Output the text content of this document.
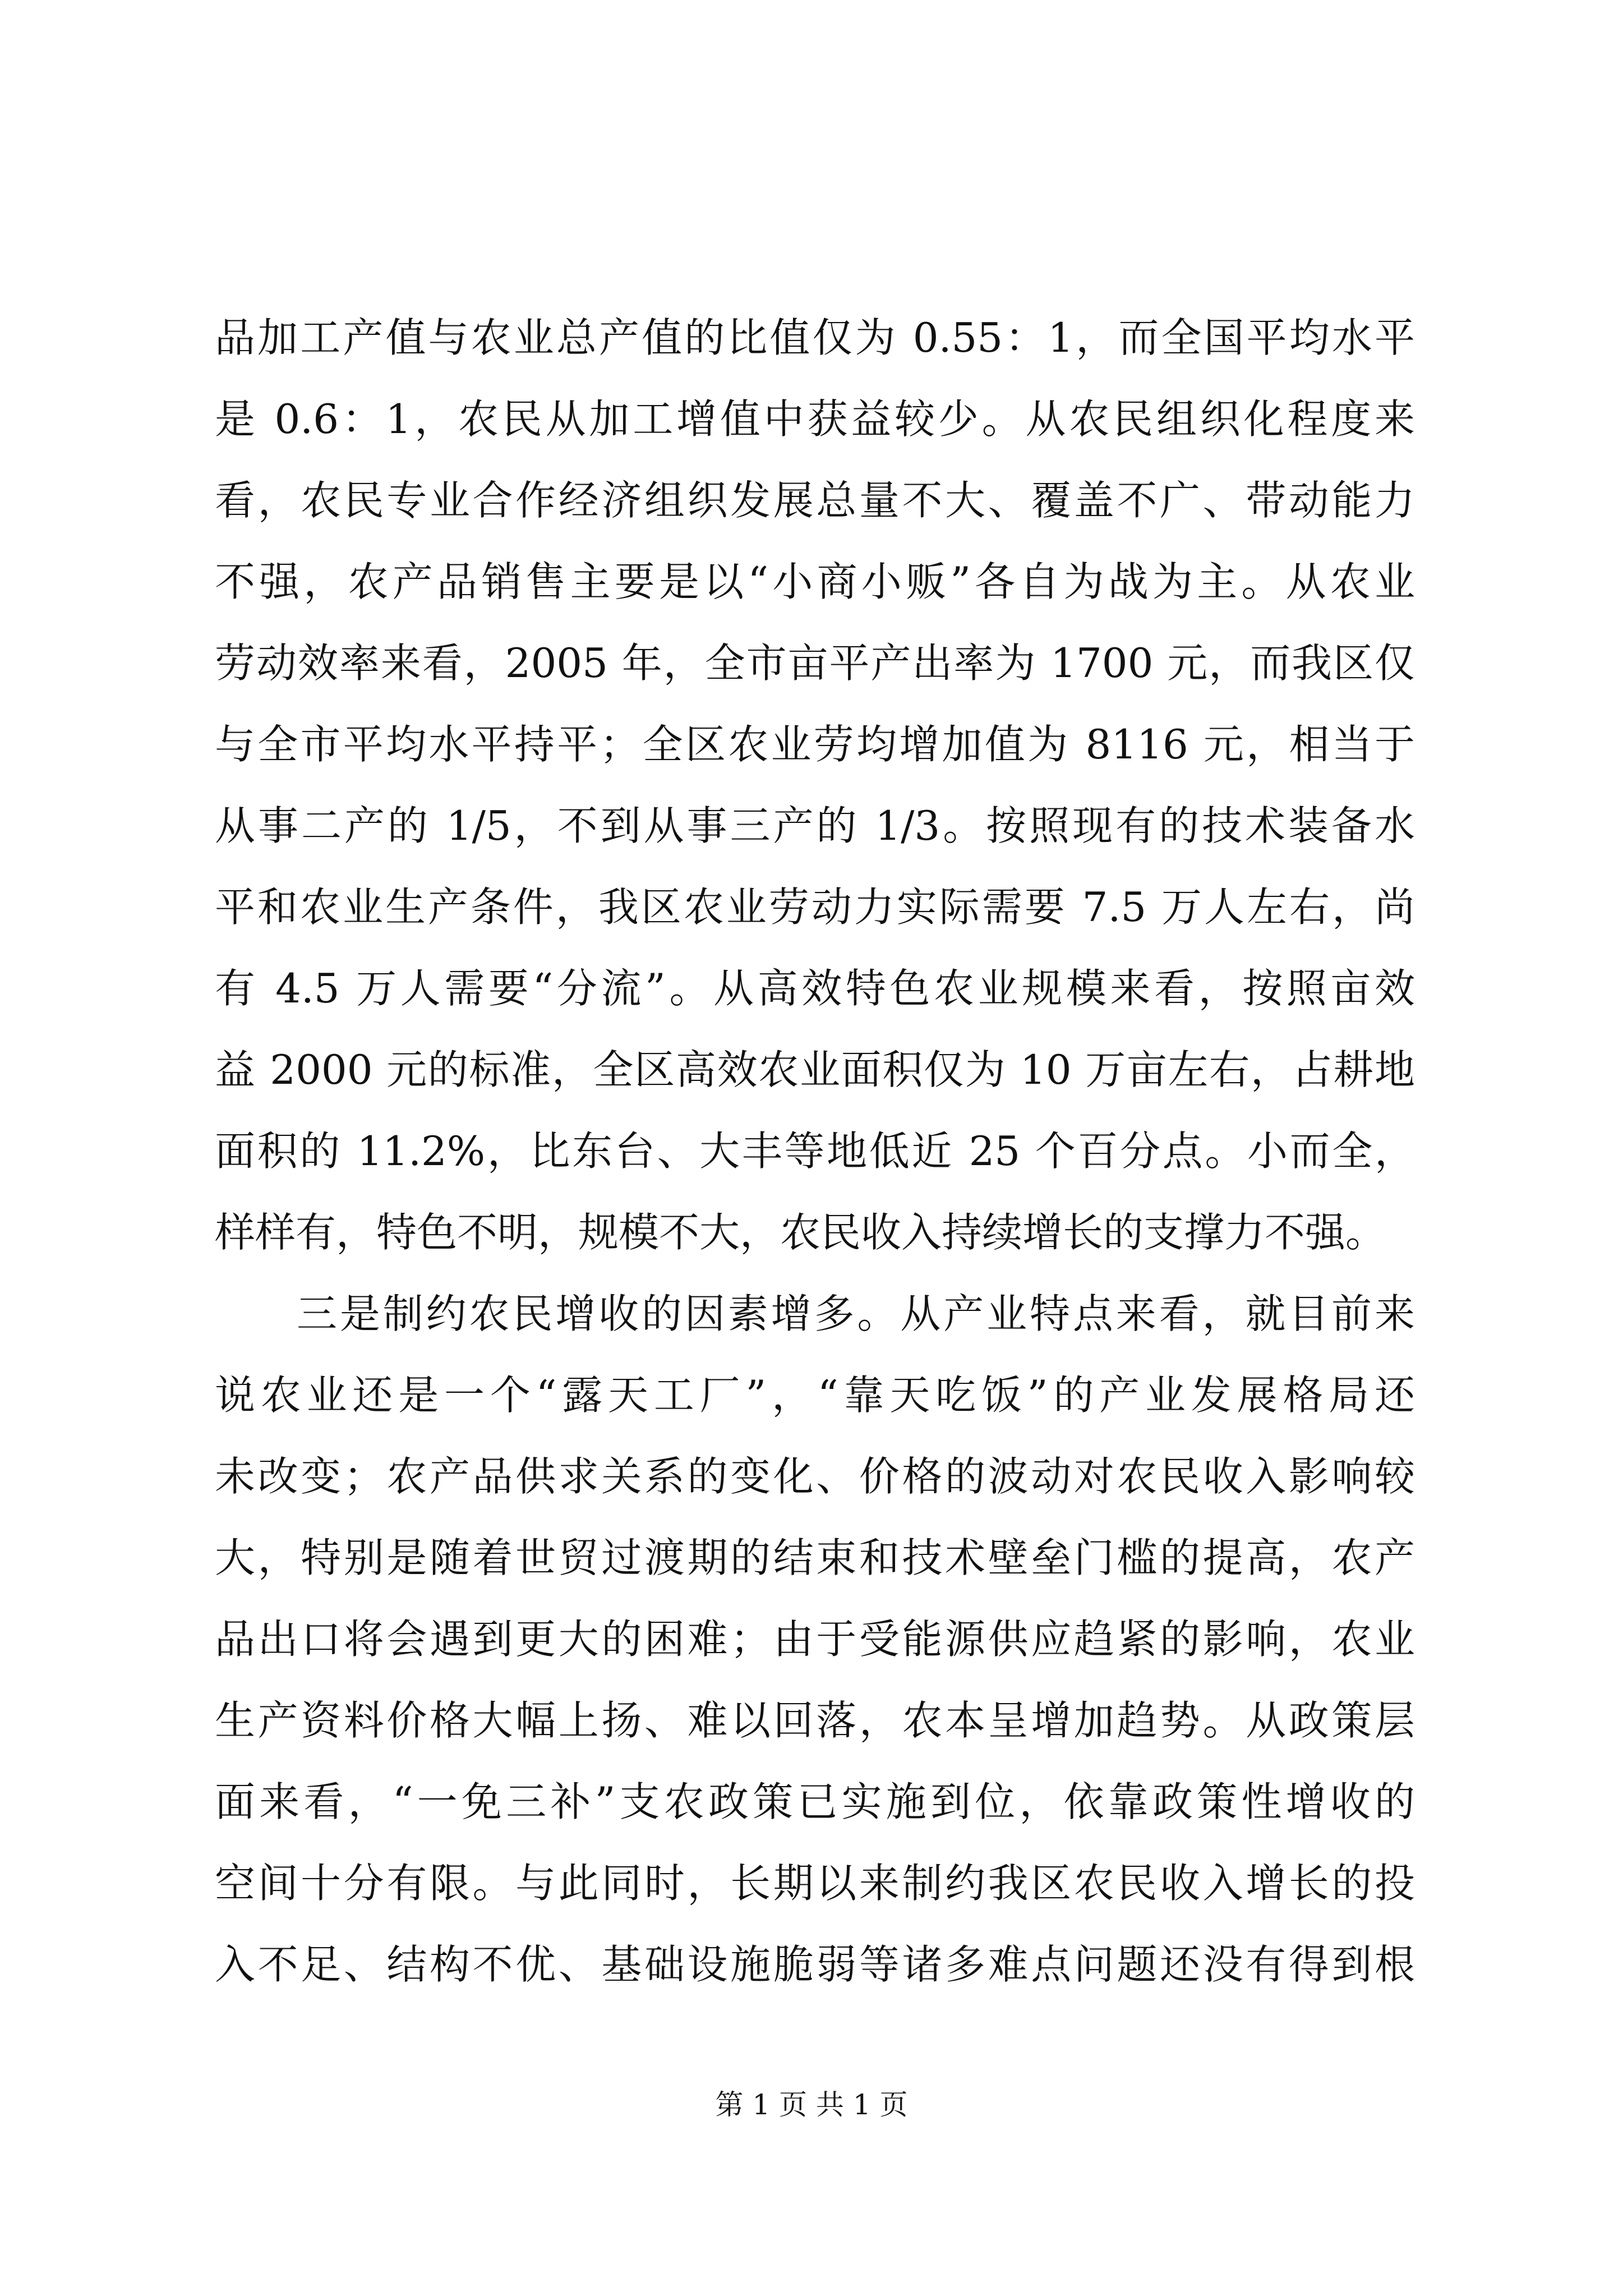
品加工产值与农业总产值的比值仅为 0.55：1，而全国平均水平
是 0.6：1，农民从加工增值中获益较少。从农民组织化程度来
看，农民专业合作经济组织发展总量不大、覆盖不广、带动能力
不强，农产品销售主要是以“小商小贩”各自为战为主。从农业
劳动效率来看，2005 年，全市亩平产出率为 1700 元，而我区仅
与全市平均水平持平；全区农业劳均增加值为 8116 元，相当于
从事二产的 1/5，不到从事三产的 1/3。按照现有的技术装备水
平和农业生产条件，我区农业劳动力实际需要 7.5 万人左右，尚
有 4.5 万人需要“分流”。从高效特色农业规模来看，按照亩效
益 2000 元的标准，全区高效农业面积仅为 10 万亩左右，占耕地
面积的 11.2%，比东台、大丰等地低近 25 个百分点。小而全，
样样有，特色不明，规模不大，农民收入持续增长的支撑力不强。
三是制约农民增收的因素增多。从产业特点来看，就目前来
说农业还是一个“露天工厂”，“靠天吃饭”的产业发展格局还
未改变；农产品供求关系的变化、价格的波动对农民收入影响较
大，特别是随着世贸过渡期的结束和技术壁垒门槛的提高，农产
品出口将会遇到更大的困难；由于受能源供应趋紧的影响，农业
生产资料价格大幅上扬、难以回落，农本呈增加趋势。从政策层
面来看，“一免三补”支农政策已实施到位，依靠政策性增收的
空间十分有限。与此同时，长期以来制约我区农民收入增长的投
入不足、结构不优、基础设施脆弱等诸多难点问题还没有得到根
第 1 页 共 1 页
